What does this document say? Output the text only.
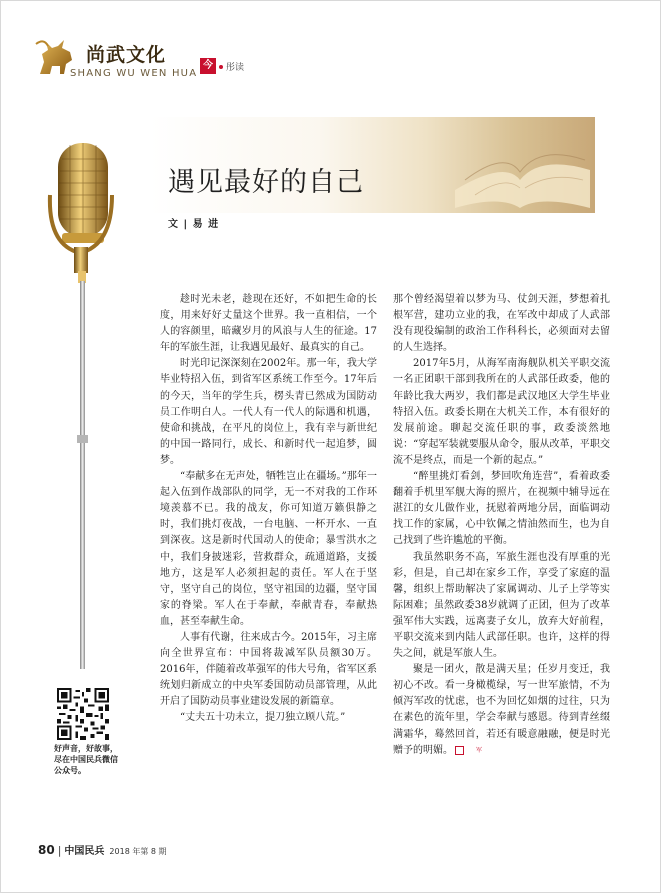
尚武文化
SHANG WU WEN HUA
今	彤读
遇见最好的自己
文 | 易 进

趁时光未老，趁现在还好，不如把生命的长度，用来好好丈量这个世界。我一直相信，一个人的容颜里，暗藏岁月的风浪与人生的征途。17年的军旅生涯，让我遇见最好、最真实的自己。

时光印记深深刻在2002年。那一年，我大学毕业特招入伍，到省军区系统工作至今。17年后的今天，当年的学生兵，楞头青已然成为国防动员工作明白人。一代人有一代人的际遇和机遇，使命和挑战，在平凡的岗位上，我有幸与新世纪的中国一路同行，成长、和新时代一起追梦，圆梦。

“奉献多在无声处，牺牲岂止在疆场。”那年一起入伍到作战部队的同学，无一不对我的工作环境羡慕不已。我的战友，你可知道万籁俱静之时，我们挑灯夜战，一台电脑、一杯开水、一直到深夜。这是新时代国动人的使命；暴雪洪水之中，我们身披迷彩，营救群众，疏通道路，支援地方，这是军人必须担起的责任。军人在于坚守，坚守自己的岗位，坚守祖国的边疆，坚守国家的脊梁。军人在于奉献，奉献青春，奉献热血，甚至奉献生命。

人事有代谢，往来成古今。2015年，习主席向全世界宣布：中国将裁减军队员额30万。2016年，伴随着改革强军的伟大号角，省军区系统划归新成立的中央军委国防动员部管理，从此开启了国防动员事业建设发展的新篇章。

“丈夫五十功未立，提刀独立顾八荒。”

那个曾经渴望着以梦为马、仗剑天涯，梦想着扎根军营，建功立业的我，在军改中却成了人武部没有现役编制的政治工作科科长，必须面对去留的人生选择。

2017年5月，从海军南海舰队机关平职交流一名正团职干部到我所在的人武部任政委，他的年龄比我大两岁，我们都是武汉地区大学生毕业特招入伍。政委长期在大机关工作，本有很好的发展前途。聊起交流任职的事，政委淡然地说：“穿起军装就要服从命令，服从改革，平职交流不是终点，而是一个新的起点。”

“醉里挑灯看剑，梦回吹角连营”，看着政委翻着手机里军舰大海的照片，在视频中辅导远在湛江的女儿做作业，抚慰着两地分居，面临调动找工作的家属，心中钦佩之情油然而生，也为自己找到了些许尴尬的平衡。

我虽然职务不高，军旅生涯也没有厚重的光彩，但是，自己却在家乡工作，享受了家庭的温馨，组织上帮助解决了家属调动、儿子上学等实际困难；虽然政委38岁就调了正团，但为了改革强军伟大实践，远离妻子女儿，放弃大好前程，平职交流来到内陆人武部任职。也许，这样的得失之间，就是军旅人生。

聚是一团火，散是满天星；任岁月变迁，我初心不改。看一身橄榄绿，写一世军旅情，不为倾泻军改的忧虑，也不为回忆如烟的过往，只为在素色的流年里，学会奉献与感恩。待到青丝缀满霜华，蓦然回首，若还有暖意融融，便是时光赠予的明媚。	军

好声音，好故事，尽在中国民兵微信公众号。
80 | 中国民兵 2018 年第 8 期
